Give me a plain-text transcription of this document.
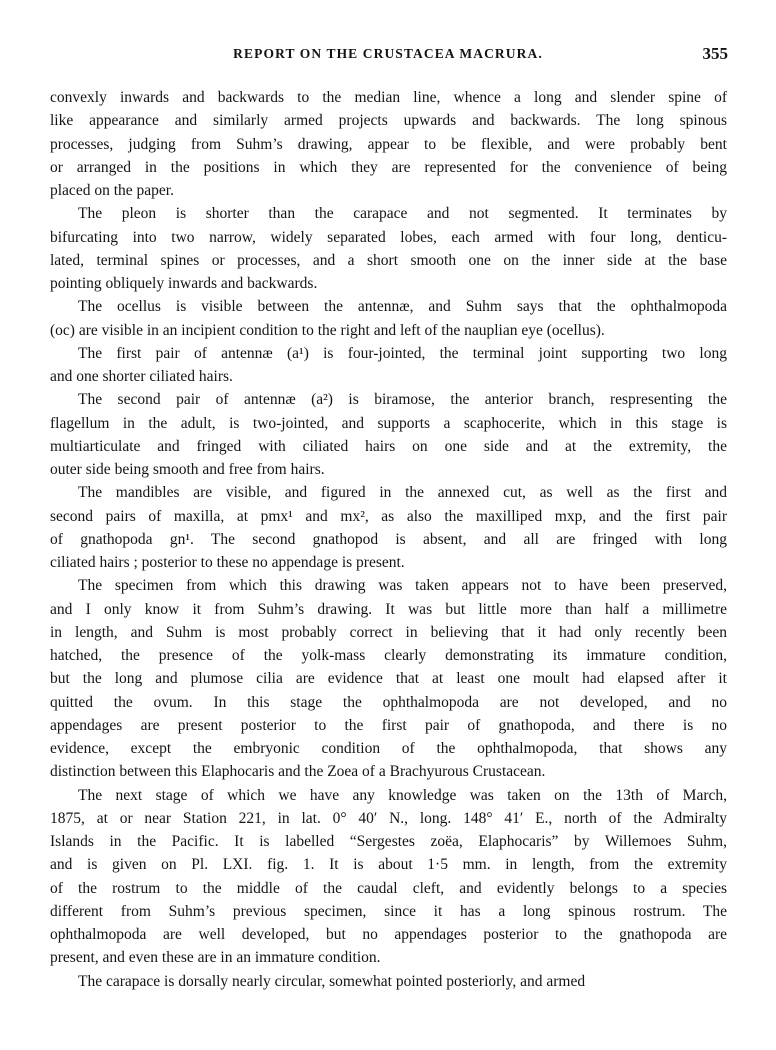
REPORT ON THE CRUSTACEA MACRURA.	355
convexly inwards and backwards to the median line, whence a long and slender spine of
like appearance and similarly armed projects upwards and backwards. The long spinous
processes, judging from Suhm’s drawing, appear to be flexible, and were probably bent
or arranged in the positions in which they are represented for the convenience of being
placed on the paper.
The pleon is shorter than the carapace and not segmented. It terminates by
bifurcating into two narrow, widely separated lobes, each armed with four long, denticu-
lated, terminal spines or processes, and a short smooth one on the inner side at the base
pointing obliquely inwards and backwards.
The ocellus is visible between the antennæ, and Suhm says that the ophthalmopoda
(oc) are visible in an incipient condition to the right and left of the nauplian eye (ocellus).
The first pair of antennæ (a¹) is four-jointed, the terminal joint supporting two long
and one shorter ciliated hairs.
The second pair of antennæ (a²) is biramose, the anterior branch, respresenting the
flagellum in the adult, is two-jointed, and supports a scaphocerite, which in this stage is
multiarticulate and fringed with ciliated hairs on one side and at the extremity, the
outer side being smooth and free from hairs.
The mandibles are visible, and figured in the annexed cut, as well as the first and
second pairs of maxilla, at pmx¹ and mx², as also the maxilliped mxp, and the first pair
of gnathopoda gn¹. The second gnathopod is absent, and all are fringed with long
ciliated hairs ; posterior to these no appendage is present.
The specimen from which this drawing was taken appears not to have been preserved,
and I only know it from Suhm’s drawing. It was but little more than half a millimetre
in length, and Suhm is most probably correct in believing that it had only recently been
hatched, the presence of the yolk-mass clearly demonstrating its immature condition,
but the long and plumose cilia are evidence that at least one moult had elapsed after it
quitted the ovum. In this stage the ophthalmopoda are not developed, and no
appendages are present posterior to the first pair of gnathopoda, and there is no
evidence, except the embryonic condition of the ophthalmopoda, that shows any
distinction between this Elaphocaris and the Zoea of a Brachyurous Crustacean.
The next stage of which we have any knowledge was taken on the 13th of March,
1875, at or near Station 221, in lat. 0° 40′ N., long. 148° 41′ E., north of the Admiralty
Islands in the Pacific. It is labelled “Sergestes zoëa, Elaphocaris” by Willemoes Suhm,
and is given on Pl. LXI. fig. 1. It is about 1·5 mm. in length, from the extremity
of the rostrum to the middle of the caudal cleft, and evidently belongs to a species
different from Suhm’s previous specimen, since it has a long spinous rostrum. The
ophthalmopoda are well developed, but no appendages posterior to the gnathopoda are
present, and even these are in an immature condition.
The carapace is dorsally nearly circular, somewhat pointed posteriorly, and armed
